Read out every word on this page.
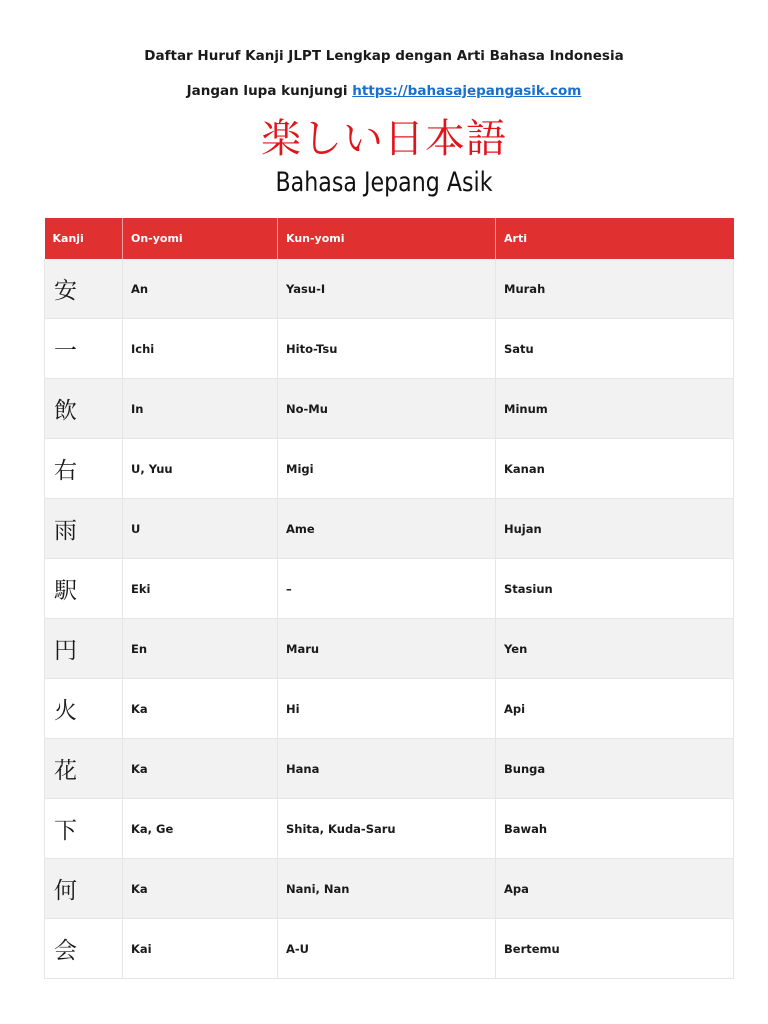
Daftar Huruf Kanji JLPT Lengkap dengan Arti Bahasa Indonesia
Jangan lupa kunjungi https://bahasajepangasik.com
楽しい日本語
Bahasa Jepang Asik
Kanji	On-yomi	Kun-yomi	Arti
安	An	Yasu-I	Murah
一	Ichi	Hito-Tsu	Satu
飲	In	No-Mu	Minum
右	U, Yuu	Migi	Kanan
雨	U	Ame	Hujan
駅	Eki	–	Stasiun
円	En	Maru	Yen
火	Ka	Hi	Api
花	Ka	Hana	Bunga
下	Ka, Ge	Shita, Kuda-Saru	Bawah
何	Ka	Nani, Nan	Apa
会	Kai	A-U	Bertemu
